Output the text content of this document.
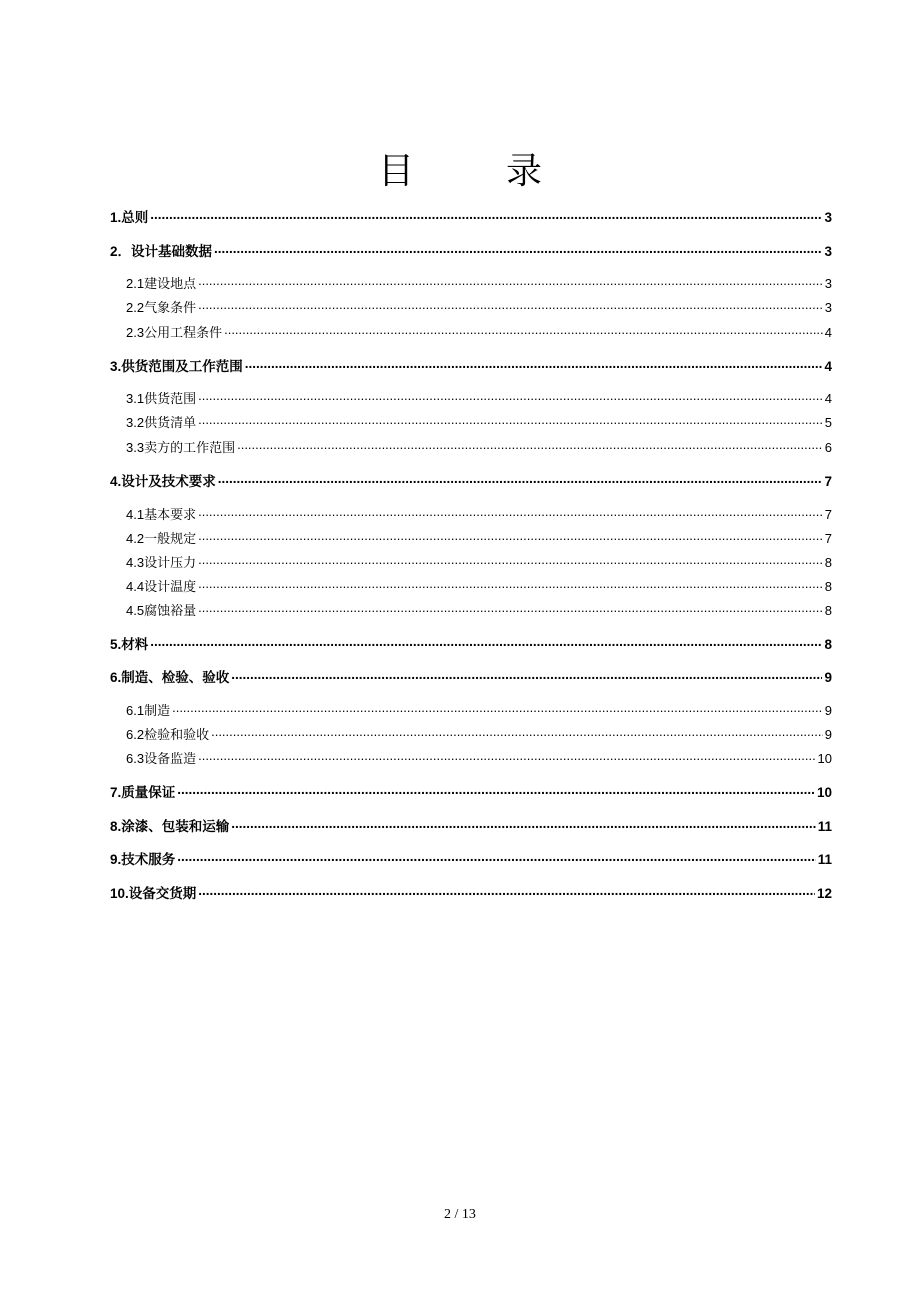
目　录
1. 总则 .....	3
2． 设计基础数据 .....	3
2.1 建设地点 .....	3
2.2 气象条件 .....	3
2.3 公用工程条件 .....	4
3. 供货范围及工作范围 .....	4
3.1 供货范围 .....	4
3.2 供货清单 .....	5
3.3 卖方的工作范围 .....	6
4. 设计及技术要求 .....	7
4.1 基本要求 .....	7
4.2 一般规定 .....	7
4.3 设计压力 .....	8
4.4 设计温度 .....	8
4.5 腐蚀裕量 .....	8
5. 材料 .....	8
6. 制造、检验、验收 .....	9
6.1 制造 .....	9
6.2 检验和验收 .....	9
6.3 设备监造 .....	10
7. 质量保证 .....	10
8. 涂漆、包装和运输 .....	11
9. 技术服务 .....	11
10. 设备交货期 .....	12
2 / 13
